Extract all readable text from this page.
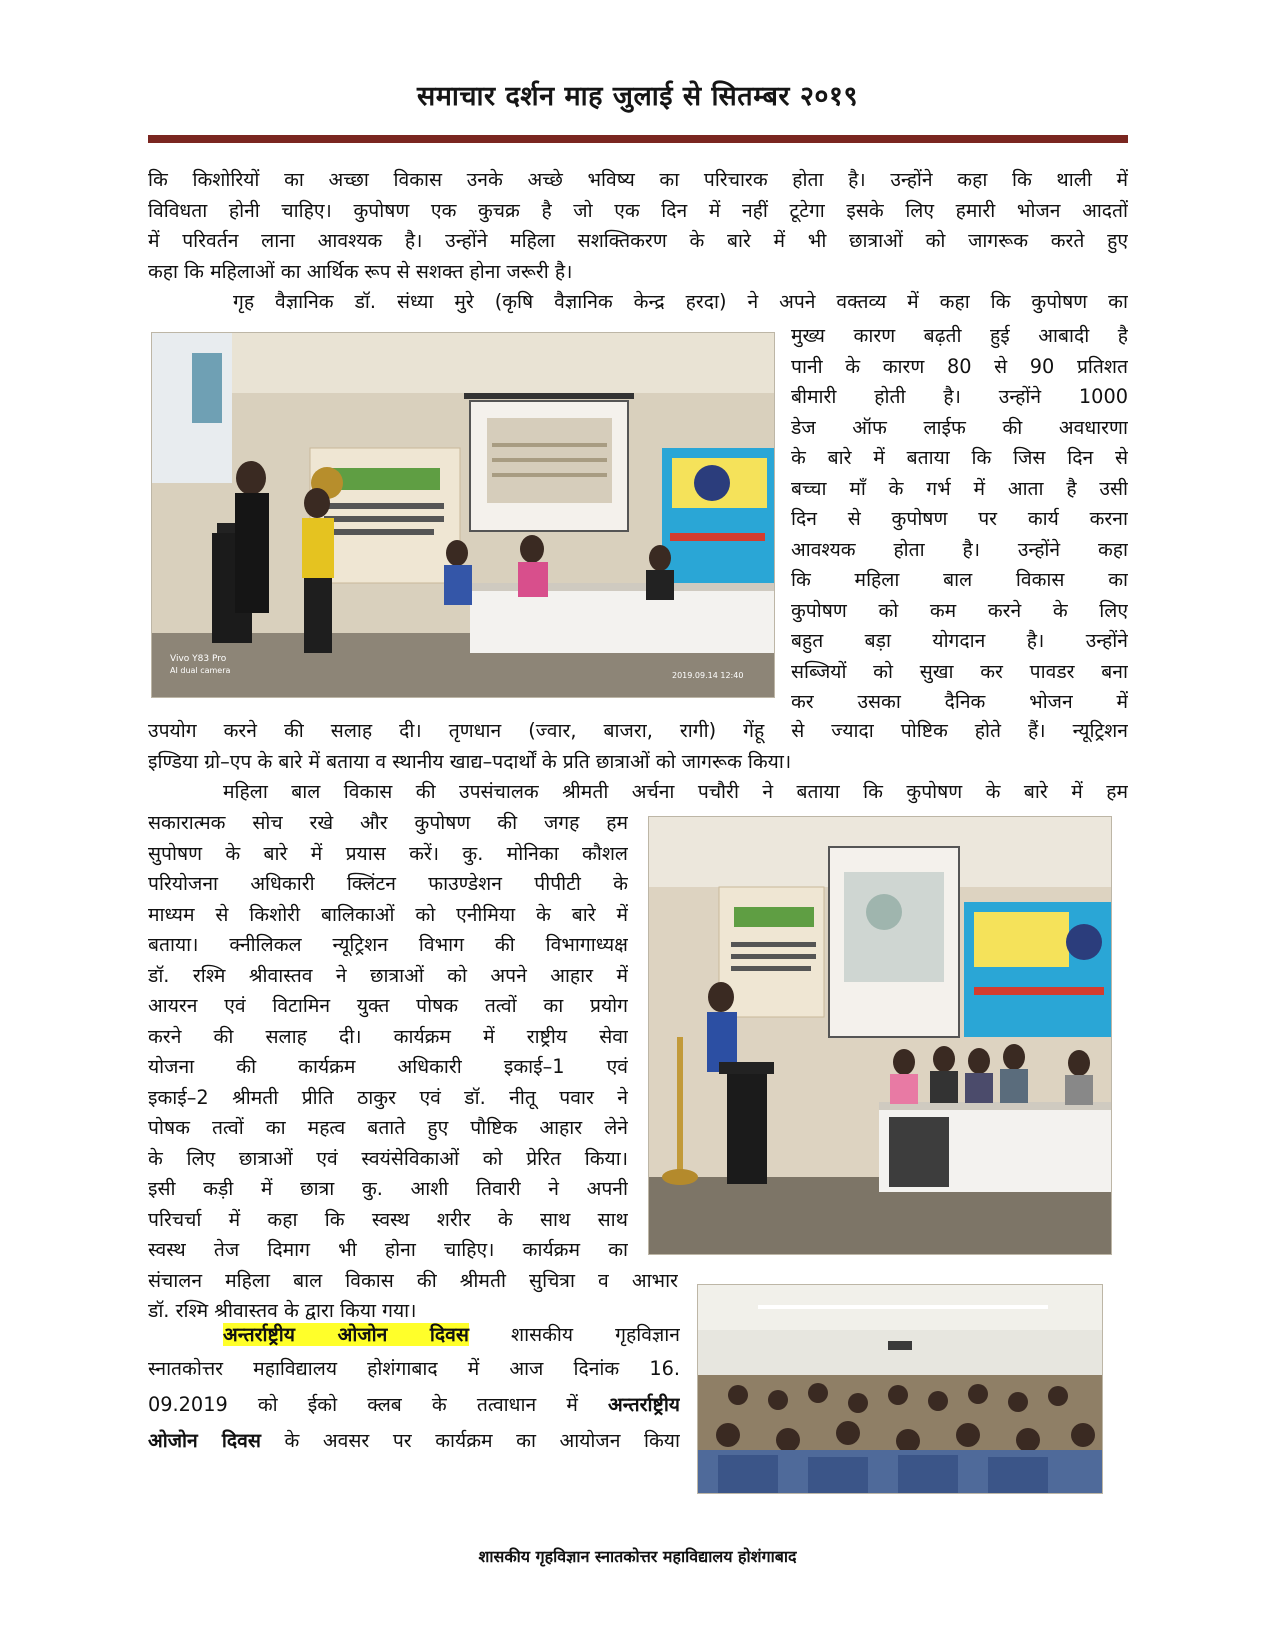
समाचार दर्शन माह जुलाई से सितम्बर २०१९

कि किशोरियों का अच्छा विकास उनके अच्छे भविष्य का परिचारक होता है। उन्होंने कहा कि थाली में

विविधता होनी चाहिए। कुपोषण एक कुचक्र है जो एक दिन में नहीं टूटेगा इसके लिए हमारी भोजन आदतों

में परिवर्तन लाना आवश्यक है। उन्होंने महिला सशक्तिकरण के बारे में भी छात्राओं को जागरूक करते हुए

कहा कि महिलाओं का आर्थिक रूप से सशक्त होना जरूरी है।

गृह वैज्ञानिक डॉ. संध्या मुरे (कृषि वैज्ञानिक केन्द्र हरदा) ने अपने वक्तव्य में कहा कि कुपोषण का

Vivo Y83 Pro
AI dual camera
2019.09.14 12:40

मुख्य कारण बढ़ती हुई आबादी है

पानी के कारण 80 से 90 प्रतिशत

बीमारी होती है। उन्होंने 1000

डेज ऑफ लाईफ की अवधारणा

के बारे में बताया कि जिस दिन से

बच्चा माँ के गर्भ में आता है उसी

दिन से कुपोषण पर कार्य करना

आवश्यक होता है। उन्होंने कहा

कि महिला बाल विकास का

कुपोषण को कम करने के लिए

बहुत बड़ा योगदान है। उन्होंने

सब्जियों को सुखा कर पावडर बना

कर उसका दैनिक भोजन में

उपयोग करने की सलाह दी। तृणधान (ज्वार, बाजरा, रागी) गेंहू से ज्यादा पोष्टिक होते हैं। न्यूट्रिशन

इण्डिया ग्रो–एप के बारे में बताया व स्थानीय खाद्य–पदार्थों के प्रति छात्राओं को जागरूक किया।

महिला बाल विकास की उपसंचालक श्रीमती अर्चना पचौरी ने बताया कि कुपोषण के बारे में हम

सकारात्मक सोच रखे और कुपोषण की जगह हम

सुपोषण के बारे में प्रयास करें। कु. मोनिका कौशल

परियोजना अधिकारी क्लिंटन फाउण्डेशन पीपीटी के

माध्यम से किशोरी बालिकाओं को एनीमिया के बारे में

बताया। क्नीलिकल न्यूट्रिशन विभाग की विभागाध्यक्ष

डॉ. रश्मि श्रीवास्तव ने छात्राओं को अपने आहार में

आयरन एवं विटामिन युक्त पोषक तत्वों का प्रयोग

करने की सलाह दी। कार्यक्रम में राष्ट्रीय सेवा

योजना की कार्यक्रम अधिकारी इकाई–1 एवं

इकाई–2 श्रीमती प्रीति ठाकुर एवं डॉ. नीतू पवार ने

पोषक तत्वों का महत्व बताते हुए पौष्टिक आहार लेने

के लिए छात्राओं एवं स्वयंसेविकाओं को प्रेरित किया।

इसी कड़ी में छात्रा कु. आशी तिवारी ने अपनी

परिचर्चा में कहा कि स्वस्थ शरीर के साथ साथ

स्वस्थ तेज दिमाग भी होना चाहिए। कार्यक्रम का

संचालन महिला बाल विकास की श्रीमती सुचित्रा व आभार

डॉ. रश्मि श्रीवास्तव के द्वारा किया गया।

अन्तर्राष्ट्रीय ओजोन दिवस शासकीय गृहविज्ञान

स्नातकोत्तर महाविद्यालय होशंगाबाद में आज दिनांक 16.

09.2019 को ईको क्लब के तत्वाधान में अन्तर्राष्ट्रीय

ओजोन दिवस के अवसर पर कार्यक्रम का आयोजन किया

शासकीय गृहविज्ञान स्नातकोत्तर महाविद्यालय होशंगाबाद
